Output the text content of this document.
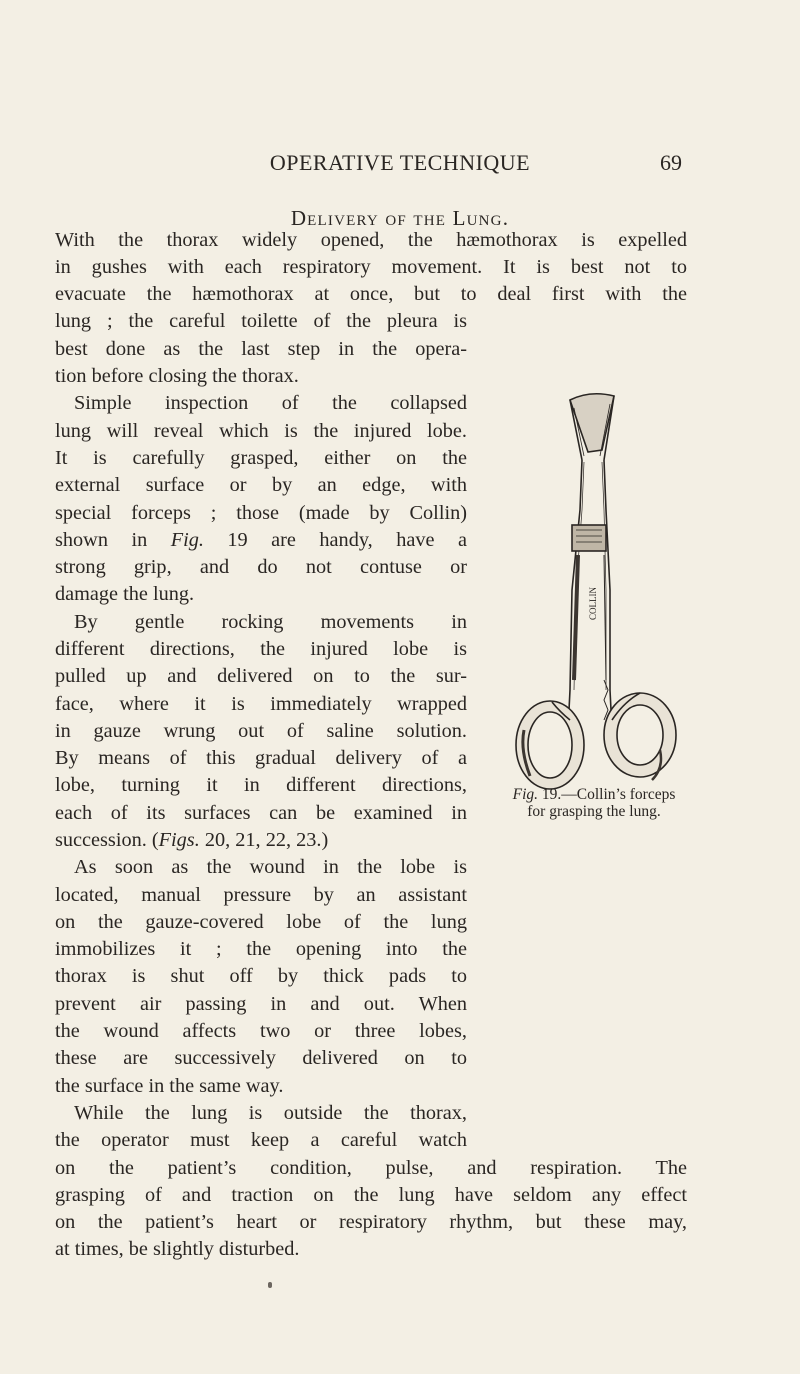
OPERATIVE TECHNIQUE	69
Delivery of the Lung.
With the thorax widely opened, the hæmothorax is expelled
in gushes with each respiratory movement. It is best not to
evacuate the hæmothorax at once, but to deal first with the
lung ; the careful toilette of the pleura is
best done as the last step in the opera-
tion before closing the thorax.
Simple inspection of the collapsed
lung will reveal which is the injured lobe.
It is carefully grasped, either on the
external surface or by an edge, with
special forceps ; those (made by Collin)
shown in Fig. 19 are handy, have a
strong grip, and do not contuse or
damage the lung.
By gentle rocking movements in
different directions, the injured lobe is
pulled up and delivered on to the sur-
face, where it is immediately wrapped
in gauze wrung out of saline solution.
By means of this gradual delivery of a
lobe, turning it in different directions,
each of its surfaces can be examined in
succession. (Figs. 20, 21, 22, 23.)
As soon as the wound in the lobe is
located, manual pressure by an assistant
on the gauze-covered lobe of the lung
immobilizes it ; the opening into the
thorax is shut off by thick pads to
prevent air passing in and out. When
the wound affects two or three lobes,
these are successively delivered on to
the surface in the same way.
While the lung is outside the thorax,
the operator must keep a careful watch
on the patient’s condition, pulse, and respiration. The
grasping of and traction on the lung have seldom any effect
on the patient’s heart or respiratory rhythm, but these may,
at times, be slightly disturbed.
COLLIN
Fig. 19.—Collin’s forceps
for grasping the lung.
